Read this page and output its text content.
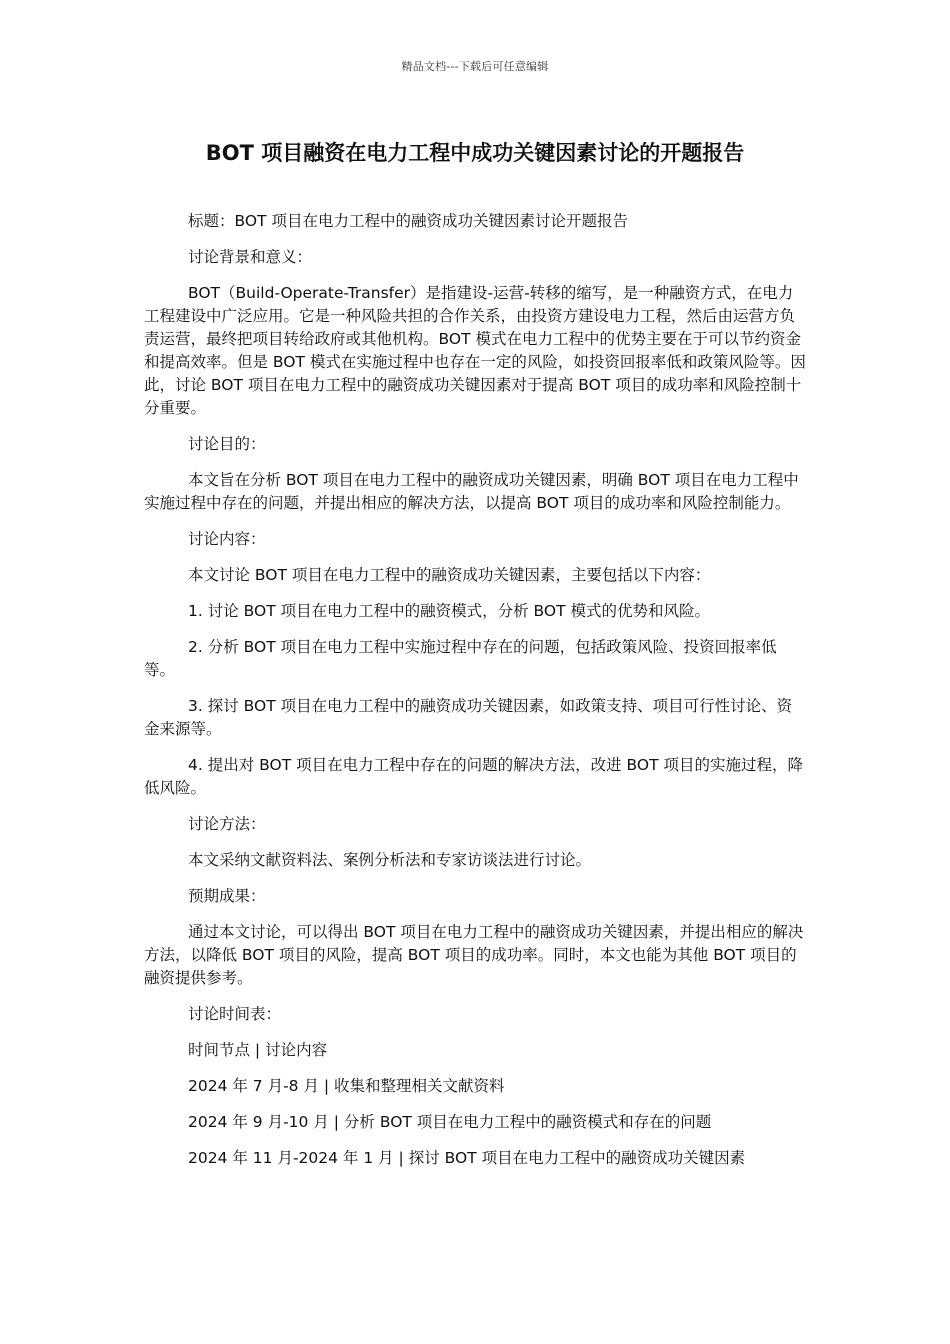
精品文档---下载后可任意编辑
BOT 项目融资在电力工程中成功关键因素讨论的开题报告

标题：BOT 项目在电力工程中的融资成功关键因素讨论开题报告

讨论背景和意义：

BOT（Build-Operate-Transfer）是指建设-运营-转移的缩写，是一种融资方式，在电力工程建设中广泛应用。它是一种风险共担的合作关系，由投资方建设电力工程，然后由运营方负责运营，最终把项目转给政府或其他机构。BOT 模式在电力工程中的优势主要在于可以节约资金和提高效率。但是 BOT 模式在实施过程中也存在一定的风险，如投资回报率低和政策风险等。因此，讨论 BOT 项目在电力工程中的融资成功关键因素对于提高 BOT 项目的成功率和风险控制十分重要。

讨论目的：

本文旨在分析 BOT 项目在电力工程中的融资成功关键因素，明确 BOT 项目在电力工程中实施过程中存在的问题，并提出相应的解决方法，以提高 BOT 项目的成功率和风险控制能力。

讨论内容：

本文讨论 BOT 项目在电力工程中的融资成功关键因素，主要包括以下内容：

1. 讨论 BOT 项目在电力工程中的融资模式，分析 BOT 模式的优势和风险。

2. 分析 BOT 项目在电力工程中实施过程中存在的问题，包括政策风险、投资回报率低等。

3. 探讨 BOT 项目在电力工程中的融资成功关键因素，如政策支持、项目可行性讨论、资金来源等。

4. 提出对 BOT 项目在电力工程中存在的问题的解决方法，改进 BOT 项目的实施过程，降低风险。

讨论方法：

本文采纳文献资料法、案例分析法和专家访谈法进行讨论。

预期成果：

通过本文讨论，可以得出 BOT 项目在电力工程中的融资成功关键因素，并提出相应的解决方法，以降低 BOT 项目的风险，提高 BOT 项目的成功率。同时，本文也能为其他 BOT 项目的融资提供参考。

讨论时间表：

时间节点 | 讨论内容

2024 年 7 月-8 月 | 收集和整理相关文献资料

2024 年 9 月-10 月 | 分析 BOT 项目在电力工程中的融资模式和存在的问题

2024 年 11 月-2024 年 1 月 | 探讨 BOT 项目在电力工程中的融资成功关键因素
